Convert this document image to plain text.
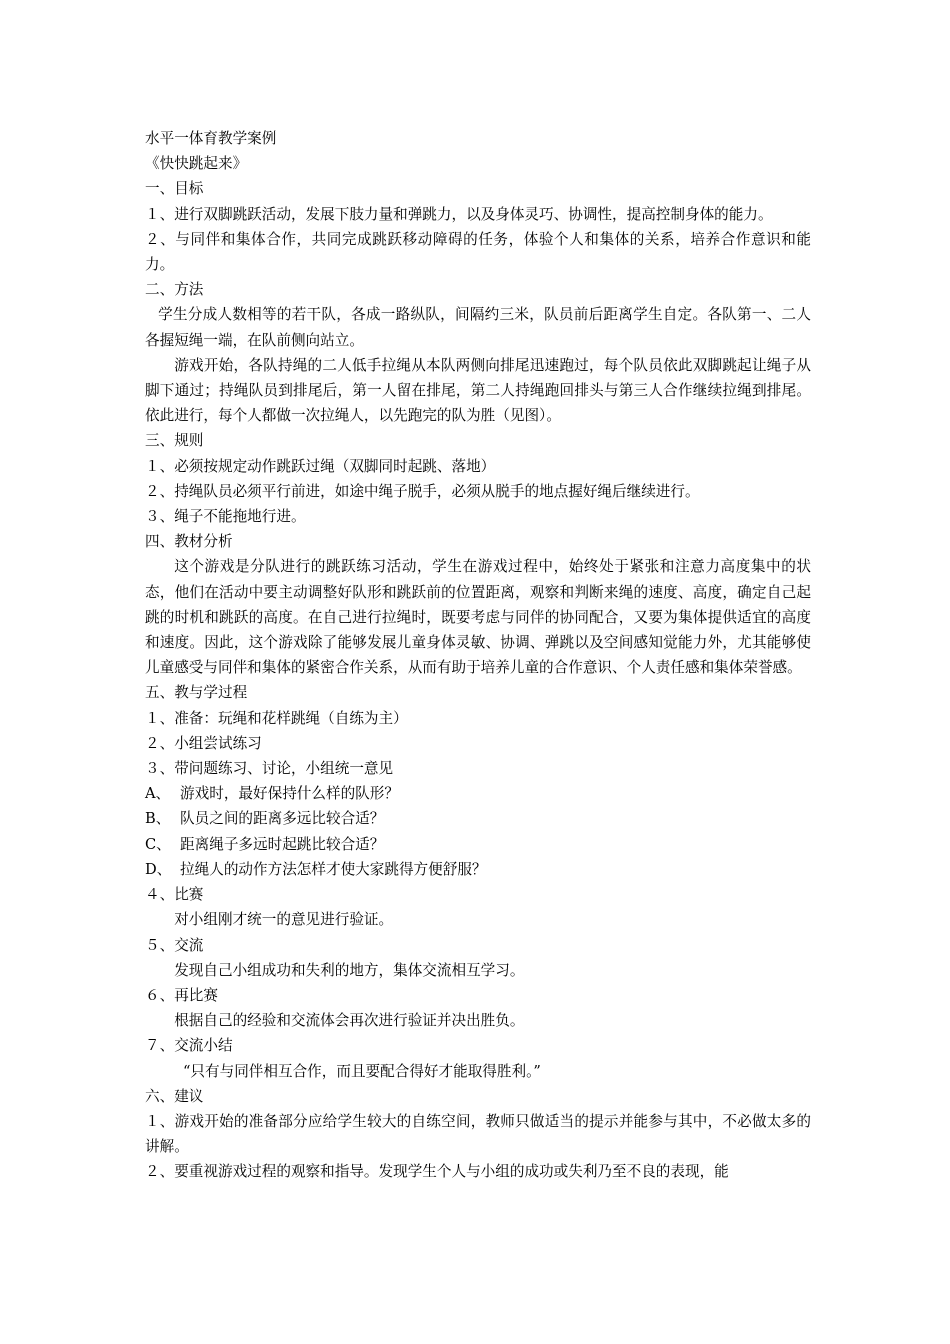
水平一体育教学案例
《快快跳起来》
一、目标
１、进行双脚跳跃活动，发展下肢力量和弹跳力，以及身体灵巧、协调性，提高控制身体的能力。
２、与同伴和集体合作，共同完成跳跃移动障碍的任务，体验个人和集体的关系，培养合作意识和能力。
二、方法
学生分成人数相等的若干队，各成一路纵队，间隔约三米，队员前后距离学生自定。各队第一、二人各握短绳一端，在队前侧向站立。
游戏开始，各队持绳的二人低手拉绳从本队两侧向排尾迅速跑过，每个队员依此双脚跳起让绳子从脚下通过；持绳队员到排尾后，第一人留在排尾，第二人持绳跑回排头与第三人合作继续拉绳到排尾。依此进行，每个人都做一次拉绳人，以先跑完的队为胜（见图）。
三、规则
１、必须按规定动作跳跃过绳（双脚同时起跳、落地）
２、持绳队员必须平行前进，如途中绳子脱手，必须从脱手的地点握好绳后继续进行。
３、绳子不能拖地行进。
四、教材分析
这个游戏是分队进行的跳跃练习活动，学生在游戏过程中，始终处于紧张和注意力高度集中的状态，他们在活动中要主动调整好队形和跳跃前的位置距离，观察和判断来绳的速度、高度，确定自己起跳的时机和跳跃的高度。在自己进行拉绳时，既要考虑与同伴的协同配合，又要为集体提供适宜的高度和速度。因此，这个游戏除了能够发展儿童身体灵敏、协调、弹跳以及空间感知觉能力外，尤其能够使儿童感受与同伴和集体的紧密合作关系，从而有助于培养儿童的合作意识、个人责任感和集体荣誉感。
五、教与学过程
１、准备：玩绳和花样跳绳（自练为主）
２、小组尝试练习
３、带问题练习、讨论，小组统一意见
A、 游戏时，最好保持什么样的队形？
B、 队员之间的距离多远比较合适？
C、 距离绳子多远时起跳比较合适？
D、 拉绳人的动作方法怎样才使大家跳得方便舒服？
４、比赛
对小组刚才统一的意见进行验证。
５、交流
发现自己小组成功和失利的地方，集体交流相互学习。
６、再比赛
根据自己的经验和交流体会再次进行验证并决出胜负。
７、交流小结
“只有与同伴相互合作，而且要配合得好才能取得胜利。”
六、建议
１、游戏开始的准备部分应给学生较大的自练空间，教师只做适当的提示并能参与其中，不必做太多的讲解。
２、要重视游戏过程的观察和指导。发现学生个人与小组的成功或失利乃至不良的表现，能
